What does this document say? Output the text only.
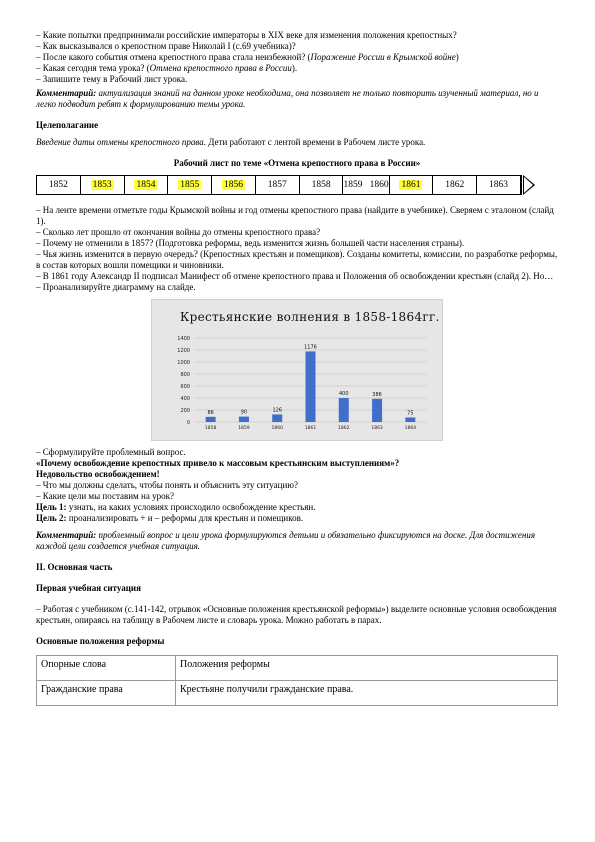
– Какие попытки предпринимали российские императоры в XIX веке для изменения положения крепостных?

– Как высказывался о крепостном праве Николай I (с.69 учебника)?

– После какого события отмена крепостного права стала неизбежной? (Поражение России в Крымской войне)

– Какая сегодня тема урока? (Отмена крепостного права в России).

– Запишите тему в Рабочий лист урока.

Комментарий: актуализация знаний на данном уроке необходима, она позволяет не только повторить изученный материал, но и легко подводит ребят к формулированию темы урока.

Целеполагание

Введение даты отмены крепостного права. Дети работают с лентой времени в Рабочем листе урока.

Рабочий лист по теме «Отмена крепостного права в России»

1852	1853	1854	1855	1856	1857	1858 1859   1860 1861	1862	1863

– На ленте времени отметьте годы Крымской войны и год отмены крепостного права (найдите в учебнике). Сверяем с эталоном (слайд 1).

– Сколько лет прошло от окончания войны до отмены крепостного права?

– Почему не отменили в 1857? (Подготовка реформы, ведь изменится жизнь большей части населения страны).

– Чья жизнь изменится в первую очередь? (Крепостных крестьян и помещиков). Созданы комитеты, комиссии, по разработке реформы, в состав которых вошли помещики и чиновники.

– В 1861 году Александр II подписал Манифест об отмене крепостного права и Положения об освобождении крестьян (слайд 2). Но…

– Проанализируйте диаграмму на слайде.

Крестьянские волнения в 1858-1864гг.
0
200
400
600
800
1000
1200
1400
86
1858
90
1859
126
1860
1176
1861
400
1862
386
1863
75
1864

– Сформулируйте проблемный вопрос.

«Почему освобождение крепостных привело к массовым крестьянским выступлениям»?

Недовольство освобождением!

– Что мы должны сделать, чтобы понять и объяснить эту ситуацию?

– Какие цели мы поставим на урок?

Цель 1: узнать, на каких условиях происходило освобождение крестьян.

Цель 2: проанализировать + и – реформы для крестьян и помещиков.

Комментарий: проблемный вопрос и цели урока формулируются детьми и обязательно фиксируются на доске. Для достижения каждой цели создается учебная ситуация.

II. Основная часть

Первая учебная ситуация

– Работая с учебником (с.141-142, отрывок «Основные положения крестьянской реформы») выделите основные условия освобождения крестьян, опираясь на таблицу в Рабочем листе и словарь урока. Можно работать в парах.

Основные положения реформы

Опорные слова	Положения реформы
Гражданские права	Крестьяне получили гражданские права.
